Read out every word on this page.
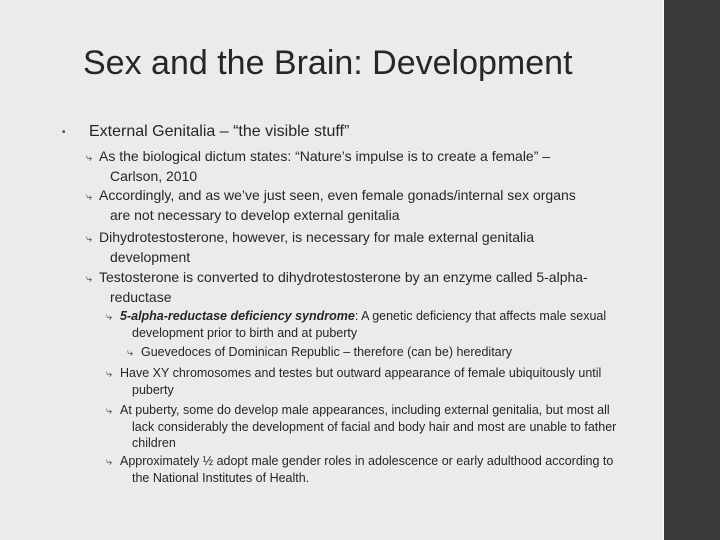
Sex and the Brain: Development
• External Genitalia – “the visible stuff”
As the biological dictum states: “Nature’s impulse is to create a female” – Carlson, 2010
Accordingly, and as we’ve just seen, even female gonads/internal sex organs are not necessary to develop external genitalia
Dihydrotestosterone, however, is necessary for male external genitalia development
Testosterone is converted to dihydrotestosterone by an enzyme called 5-alpha-reductase
5-alpha-reductase deficiency syndrome: A genetic deficiency that affects male sexual development prior to birth and at puberty
Guevedoces of Dominican Republic – therefore (can be) hereditary
Have XY chromosomes and testes but outward appearance of female ubiquitously until puberty
At puberty, some do develop male appearances, including external genitalia, but most all lack considerably the development of facial and body hair and most are unable to father children
Approximately ½ adopt male gender roles in adolescence or early adulthood according to the National Institutes of Health.
